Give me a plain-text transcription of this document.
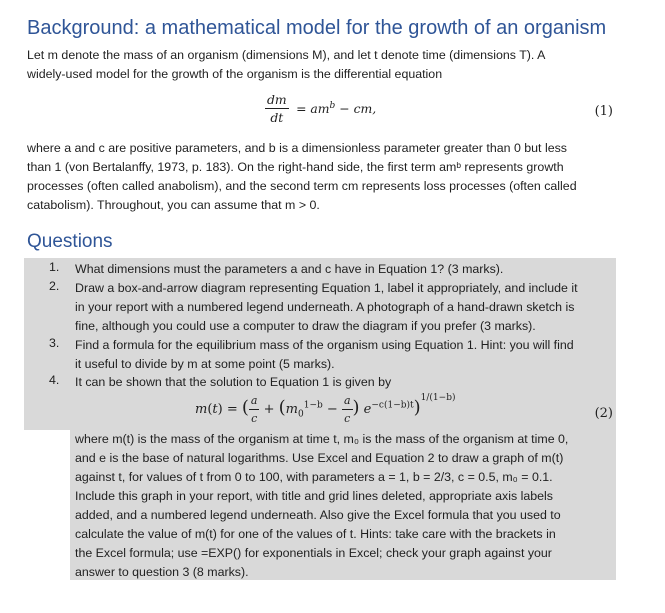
Background: a mathematical model for the growth of an organism

Let m denote the mass of an organism (dimensions M), and let t denote time (dimensions T). A
widely-used model for the growth of the organism is the differential equation

$\frac{dm}{dt} = am^b$ − cm,	(1)

where a and c are positive parameters, and b is a dimensionless parameter greater than 0 but less
than 1 (von Bertalanffy, 1973, p. 183). On the right-hand side, the first term amᵇ represents growth
processes (often called anabolism), and the second term cm represents loss processes (often called
catabolism). Throughout, you can assume that m > 0.

Questions
1. What dimensions must the parameters a and c have in Equation 1? (3 marks).
2. Draw a box-and-arrow diagram representing Equation 1, label it appropriately, and include it
in your report with a numbered legend underneath. A photograph of a hand-drawn sketch is
fine, although you could use a computer to draw the diagram if you prefer (3 marks).
3. Find a formula for the equilibrium mass of the organism using Equation 1. Hint: you will find
it useful to divide by m at some point (5 marks).
4. It can be shown that the solution to Equation 1 is given by
m(t) = ( $\frac{a}{c} + (m_0^{1-b} - \frac{a}{c}$ ) $e^{-c(1-b)t})^{1/(1-b)}$
(2)
where m(t) is the mass of the organism at time t, m₀ is the mass of the organism at time 0,
and e is the base of natural logarithms. Use Excel and Equation 2 to draw a graph of m(t)
against t, for values of t from 0 to 100, with parameters a = 1, b = 2/3, c = 0.5, m₀ = 0.1.
Include this graph in your report, with title and grid lines deleted, appropriate axis labels
added, and a numbered legend underneath. Also give the Excel formula that you used to
calculate the value of m(t) for one of the values of t. Hints: take care with the brackets in
the Excel formula; use =EXP() for exponentials in Excel; check your graph against your
answer to question 3 (8 marks).
